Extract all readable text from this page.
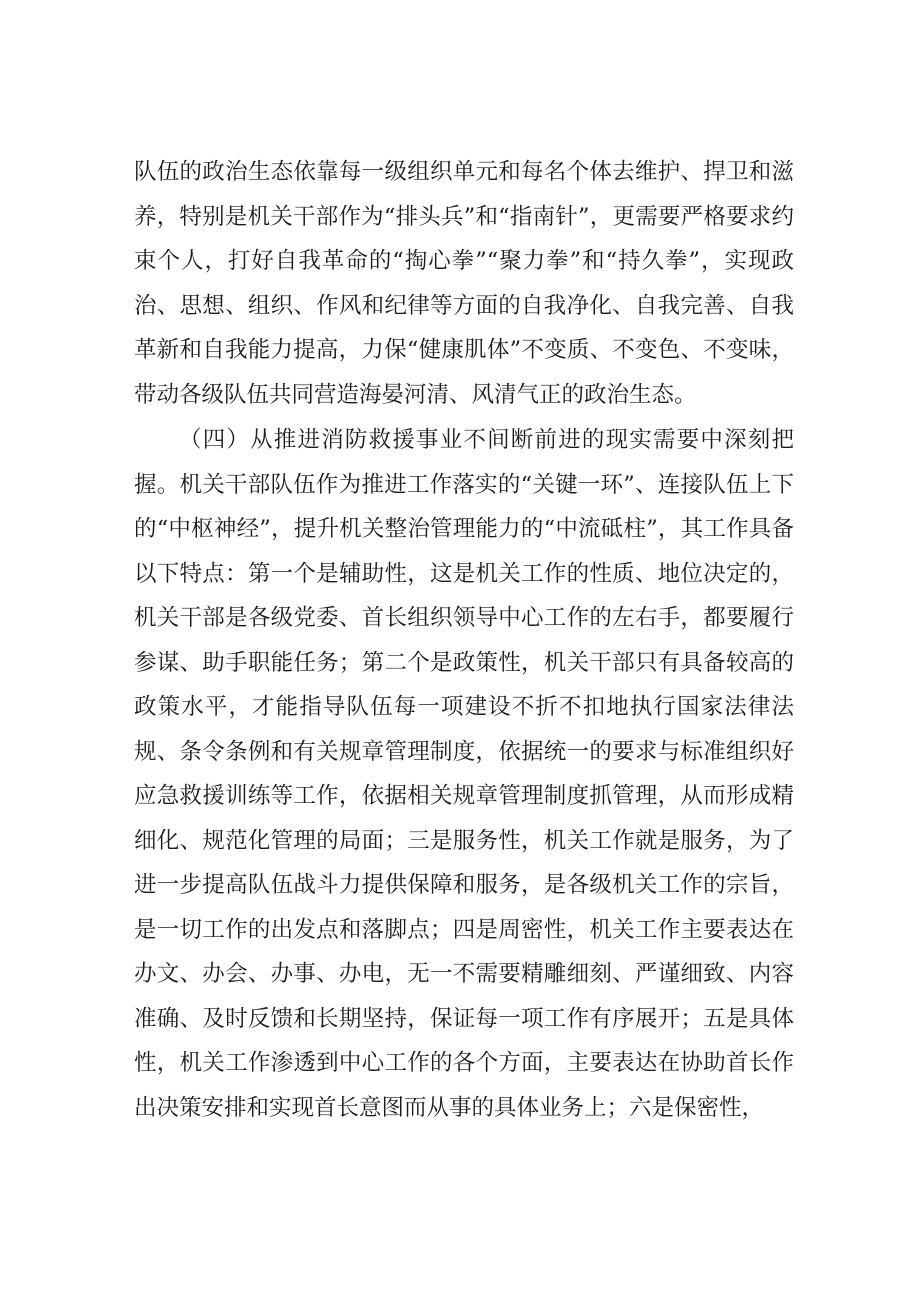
队伍的政治生态依靠每一级组织单元和每名个体去维护、捍卫和滋养，特别是机关干部作为“排头兵”和“指南针”，更需要严格要求约束个人，打好自我革命的“掏心拳”“聚力拳”和“持久拳”，实现政治、思想、组织、作风和纪律等方面的自我净化、自我完善、自我革新和自我能力提高，力保“健康肌体”不变质、不变色、不变味，带动各级队伍共同营造海晏河清、风清气正的政治生态。

（四）从推进消防救援事业不间断前进的现实需要中深刻把握。机关干部队伍作为推进工作落实的“关键一环”、连接队伍上下的“中枢神经”，提升机关整治管理能力的“中流砥柱”，其工作具备以下特点：第一个是辅助性，这是机关工作的性质、地位决定的，机关干部是各级党委、首长组织领导中心工作的左右手，都要履行参谋、助手职能任务；第二个是政策性，机关干部只有具备较高的政策水平，才能指导队伍每一项建设不折不扣地执行国家法律法规、条令条例和有关规章管理制度，依据统一的要求与标准组织好应急救援训练等工作，依据相关规章管理制度抓管理，从而形成精细化、规范化管理的局面；三是服务性，机关工作就是服务，为了进一步提高队伍战斗力提供保障和服务，是各级机关工作的宗旨，是一切工作的出发点和落脚点；四是周密性，机关工作主要表达在办文、办会、办事、办电，无一不需要精雕细刻、严谨细致、内容准确、及时反馈和长期坚持，保证每一项工作有序展开；五是具体性，机关工作渗透到中心工作的各个方面，主要表达在协助首长作出决策安排和实现首长意图而从事的具体业务上；六是保密性，
